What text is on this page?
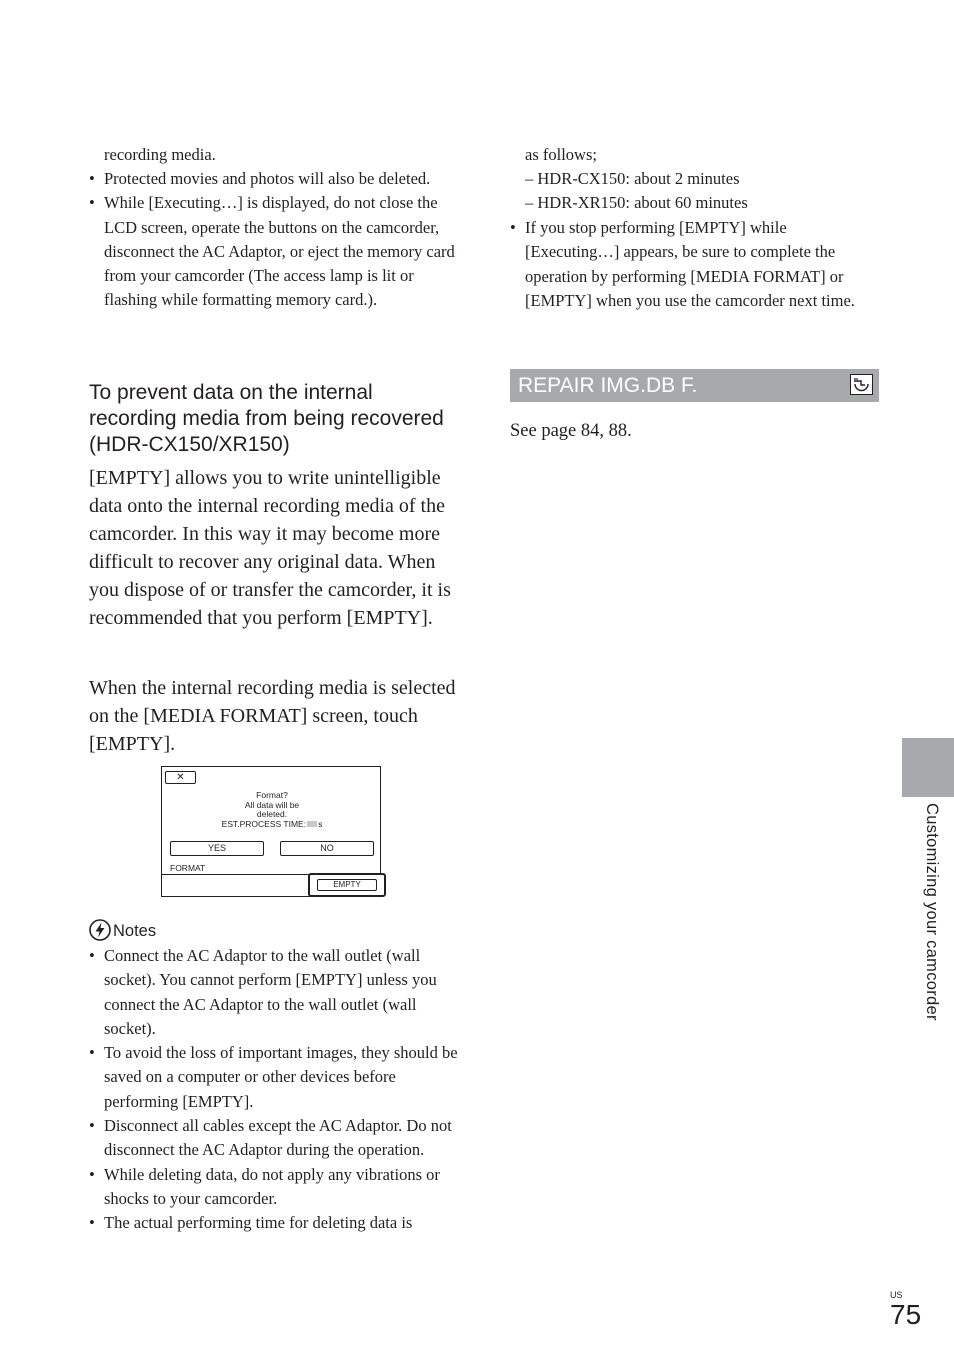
recording media.
• Protected movies and photos will also be deleted.
• While [Executing…] is displayed, do not close the LCD screen, operate the buttons on the camcorder, disconnect the AC Adaptor, or eject the memory card from your camcorder (The access lamp is lit or flashing while formatting memory card.).
To prevent data on the internal
recording media from being recovered
(HDR-CX150/XR150)
[EMPTY] allows you to write unintelligible data onto the internal recording media of the camcorder. In this way it may become more difficult to recover any original data. When you dispose of or transfer the camcorder, it is recommended that you perform [EMPTY].
When the internal recording media is selected on the [MEDIA FORMAT] screen, touch [EMPTY].
✕
Format?
All data will be
deleted.
EST.PROCESS TIME: s
YES	NO
FORMAT
EMPTY
Notes
• Connect the AC Adaptor to the wall outlet (wall socket). You cannot perform [EMPTY] unless you connect the AC Adaptor to the wall outlet (wall socket).
• To avoid the loss of important images, they should be saved on a computer or other devices before performing [EMPTY].
• Disconnect all cables except the AC Adaptor. Do not disconnect the AC Adaptor during the operation.
• While deleting data, do not apply any vibrations or shocks to your camcorder.
• The actual performing time for deleting data is
as follows;
– HDR-CX150: about 2 minutes
– HDR-XR150: about 60 minutes
• If you stop performing [EMPTY] while [Executing…] appears, be sure to complete the operation by performing [MEDIA FORMAT] or [EMPTY] when you use the camcorder next time.
REPAIR IMG.DB F.
See page 84, 88.
Customizing your camcorder
US
75
